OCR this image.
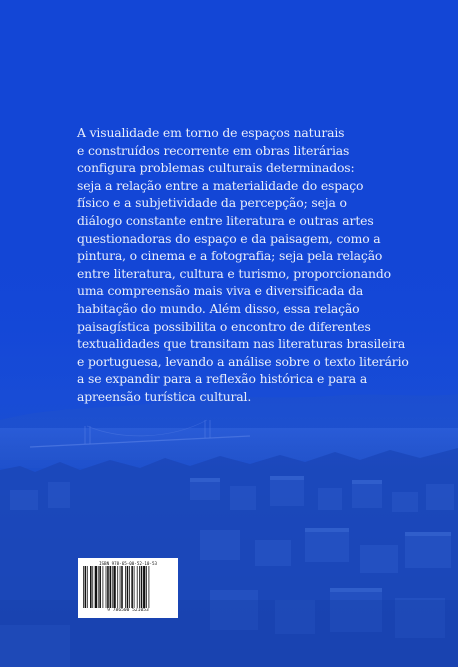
A visualidade em torno de espaços naturais
e construídos recorrente em obras literárias
configura problemas culturais determinados:
seja a relação entre a materialidade do espaço
físico e a subjetividade da percepção; seja o
diálogo constante entre literatura e outras artes
questionadoras do espaço e da paisagem, como a
pintura, o cinema e a fotografia; seja pela relação
entre literatura, cultura e turismo, proporcionando
uma compreensão mais viva e diversificada da
habitação do mundo. Além disso, essa relação
paisagística possibilita o encontro de diferentes
textualidades que transitam nas literaturas brasileira
e portuguesa, levando a análise sobre o texto literário
a se expandir para a reflexão histórica e para a
apreensão turística cultural.

ISBN 978-65-00-52-10-53
9 786500 521053
